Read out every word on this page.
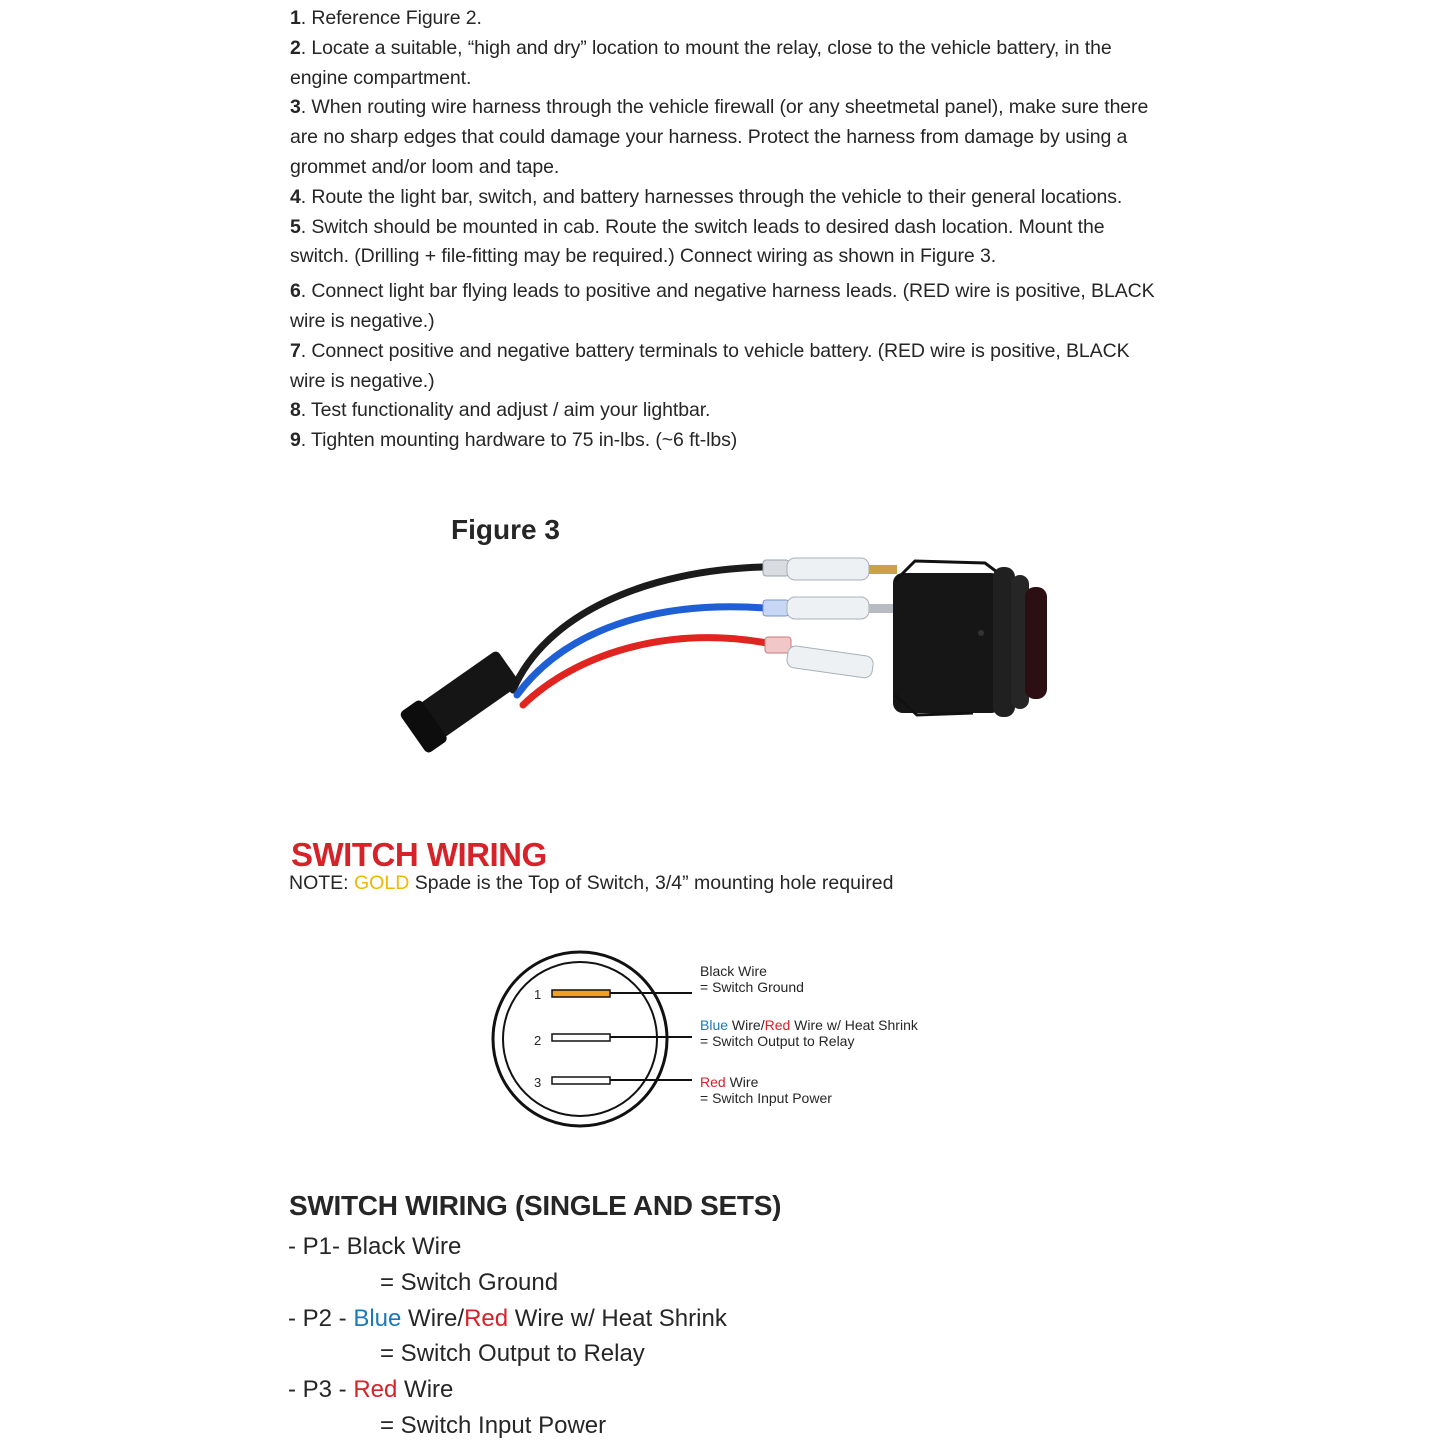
1. Reference Figure 2.
2. Locate a suitable, “high and dry” location to mount the relay, close to the vehicle battery, in the engine compartment.
3. When routing wire harness through the vehicle firewall (or any sheetmetal panel), make sure there are no sharp edges that could damage your harness. Protect the harness from damage by using a grommet and/or loom and tape.
4. Route the light bar, switch, and battery harnesses through the vehicle to their general locations.
5. Switch should be mounted in cab. Route the switch leads to desired dash location. Mount the switch. (Drilling + file-fitting may be required.) Connect wiring as shown in Figure 3.
6. Connect light bar flying leads to positive and negative harness leads. (RED wire is positive, BLACK wire is negative.)
7. Connect positive and negative battery terminals to vehicle battery. (RED wire is positive, BLACK wire is negative.)
8. Test functionality and adjust / aim your lightbar.
9. Tighten mounting hardware to 75 in-lbs. (~6 ft-lbs)
Figure 3
SWITCH WIRING

NOTE: GOLD Spade is the Top of Switch, 3/4” mounting hole required

1
2
3
Black Wire
= Switch Ground
Blue Wire/Red Wire w/ Heat Shrink
= Switch Output to Relay
Red Wire
= Switch Input Power
SWITCH WIRING (SINGLE AND SETS)
- P1- Black Wire
= Switch Ground
- P2 - Blue Wire/Red Wire w/ Heat Shrink
= Switch Output to Relay
- P3 - Red Wire
= Switch Input Power
